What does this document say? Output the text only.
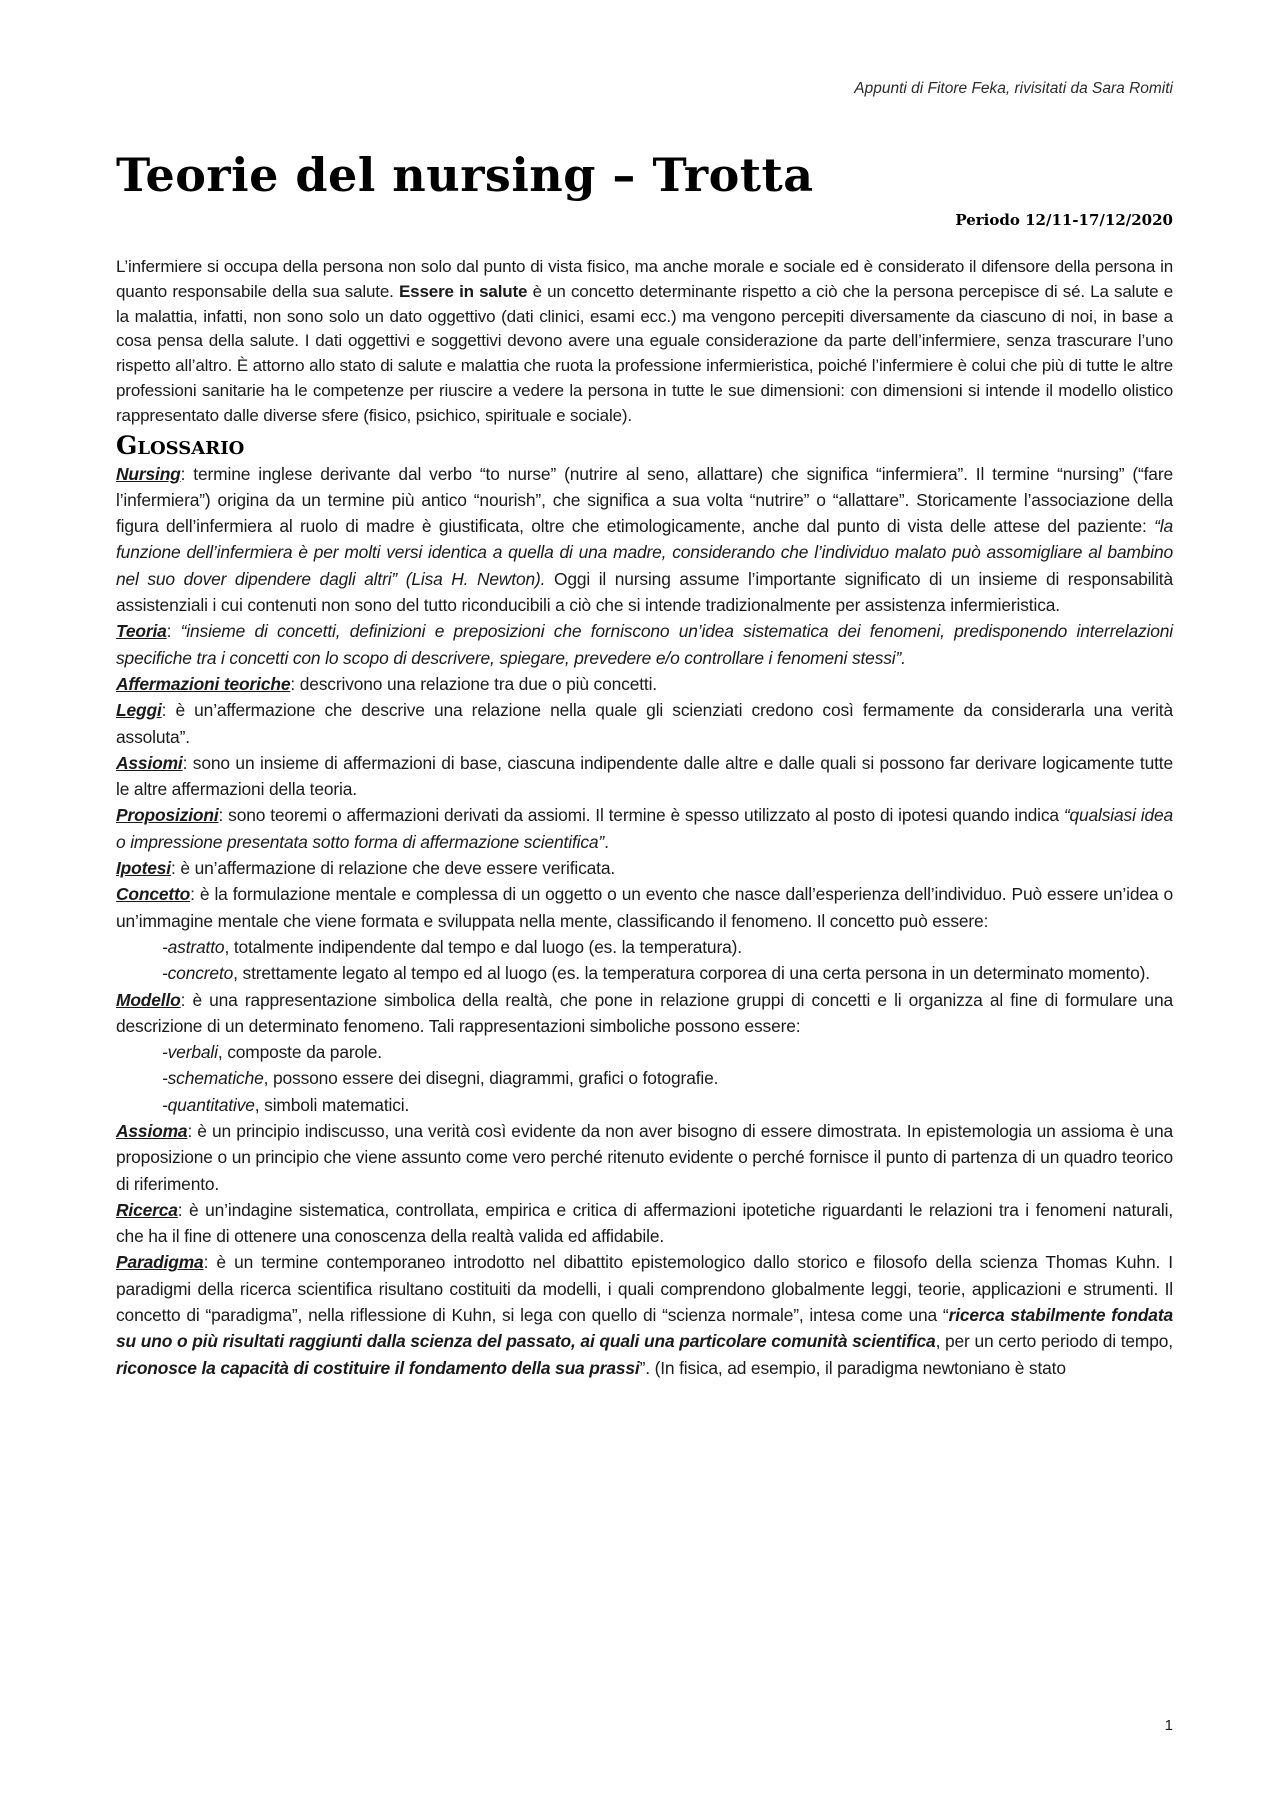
Appunti di Fitore Feka, rivisitati da Sara Romiti
Teorie del nursing – Trotta
Periodo 12/11-17/12/2020

L’infermiere si occupa della persona non solo dal punto di vista fisico, ma anche morale e sociale ed è considerato il difensore della persona in quanto responsabile della sua salute. Essere in salute è un concetto determinante rispetto a ciò che la persona percepisce di sé. La salute e la malattia, infatti, non sono solo un dato oggettivo (dati clinici, esami ecc.) ma vengono percepiti diversamente da ciascuno di noi, in base a cosa pensa della salute. I dati oggettivi e soggettivi devono avere una eguale considerazione da parte dell’infermiere, senza trascurare l’uno rispetto all’altro. È attorno allo stato di salute e malattia che ruota la professione infermieristica, poiché l’infermiere è colui che più di tutte le altre professioni sanitarie ha le competenze per riuscire a vedere la persona in tutte le sue dimensioni: con dimensioni si intende il modello olistico rappresentato dalle diverse sfere (fisico, psichico, spirituale e sociale).

Glossario

Nursing: termine inglese derivante dal verbo “to nurse” (nutrire al seno, allattare) che significa “infermiera”. Il termine “nursing” (“fare l’infermiera”) origina da un termine più antico “nourish”, che significa a sua volta “nutrire” o “allattare”. Storicamente l’associazione della figura dell’infermiera al ruolo di madre è giustificata, oltre che etimologicamente, anche dal punto di vista delle attese del paziente: “la funzione dell’infermiera è per molti versi identica a quella di una madre, considerando che l’individuo malato può assomigliare al bambino nel suo dover dipendere dagli altri” (Lisa H. Newton). Oggi il nursing assume l’importante significato di un insieme di responsabilità assistenziali i cui contenuti non sono del tutto riconducibili a ciò che si intende tradizionalmente per assistenza infermieristica.

Teoria: “insieme di concetti, definizioni e preposizioni che forniscono un’idea sistematica dei fenomeni, predisponendo interrelazioni specifiche tra i concetti con lo scopo di descrivere, spiegare, prevedere e/o controllare i fenomeni stessi”.

Affermazioni teoriche: descrivono una relazione tra due o più concetti.

Leggi: è un’affermazione che descrive una relazione nella quale gli scienziati credono così fermamente da considerarla una verità assoluta”.

Assiomi: sono un insieme di affermazioni di base, ciascuna indipendente dalle altre e dalle quali si possono far derivare logicamente tutte le altre affermazioni della teoria.

Proposizioni: sono teoremi o affermazioni derivati da assiomi. Il termine è spesso utilizzato al posto di ipotesi quando indica “qualsiasi idea o impressione presentata sotto forma di affermazione scientifica”.

Ipotesi: è un’affermazione di relazione che deve essere verificata.

Concetto: è la formulazione mentale e complessa di un oggetto o un evento che nasce dall’esperienza dell’individuo. Può essere un’idea o un’immagine mentale che viene formata e sviluppata nella mente, classificando il fenomeno. Il concetto può essere:

-astratto, totalmente indipendente dal tempo e dal luogo (es. la temperatura).

-concreto, strettamente legato al tempo ed al luogo (es. la temperatura corporea di una certa persona in un determinato momento).

Modello: è una rappresentazione simbolica della realtà, che pone in relazione gruppi di concetti e li organizza al fine di formulare una descrizione di un determinato fenomeno. Tali rappresentazioni simboliche possono essere:

-verbali, composte da parole.

-schematiche, possono essere dei disegni, diagrammi, grafici o fotografie.

-quantitative, simboli matematici.

Assioma: è un principio indiscusso, una verità così evidente da non aver bisogno di essere dimostrata. In epistemologia un assioma è una proposizione o un principio che viene assunto come vero perché ritenuto evidente o perché fornisce il punto di partenza di un quadro teorico di riferimento.

Ricerca: è un’indagine sistematica, controllata, empirica e critica di affermazioni ipotetiche riguardanti le relazioni tra i fenomeni naturali, che ha il fine di ottenere una conoscenza della realtà valida ed affidabile.

Paradigma: è un termine contemporaneo introdotto nel dibattito epistemologico dallo storico e filosofo della scienza Thomas Kuhn. I paradigmi della ricerca scientifica risultano costituiti da modelli, i quali comprendono globalmente leggi, teorie, applicazioni e strumenti. Il concetto di “paradigma”, nella riflessione di Kuhn, si lega con quello di “scienza normale”, intesa come una “ricerca stabilmente fondata su uno o più risultati raggiunti dalla scienza del passato, ai quali una particolare comunità scientifica, per un certo periodo di tempo, riconosce la capacità di costituire il fondamento della sua prassi”. (In fisica, ad esempio, il paradigma newtoniano è stato

1
